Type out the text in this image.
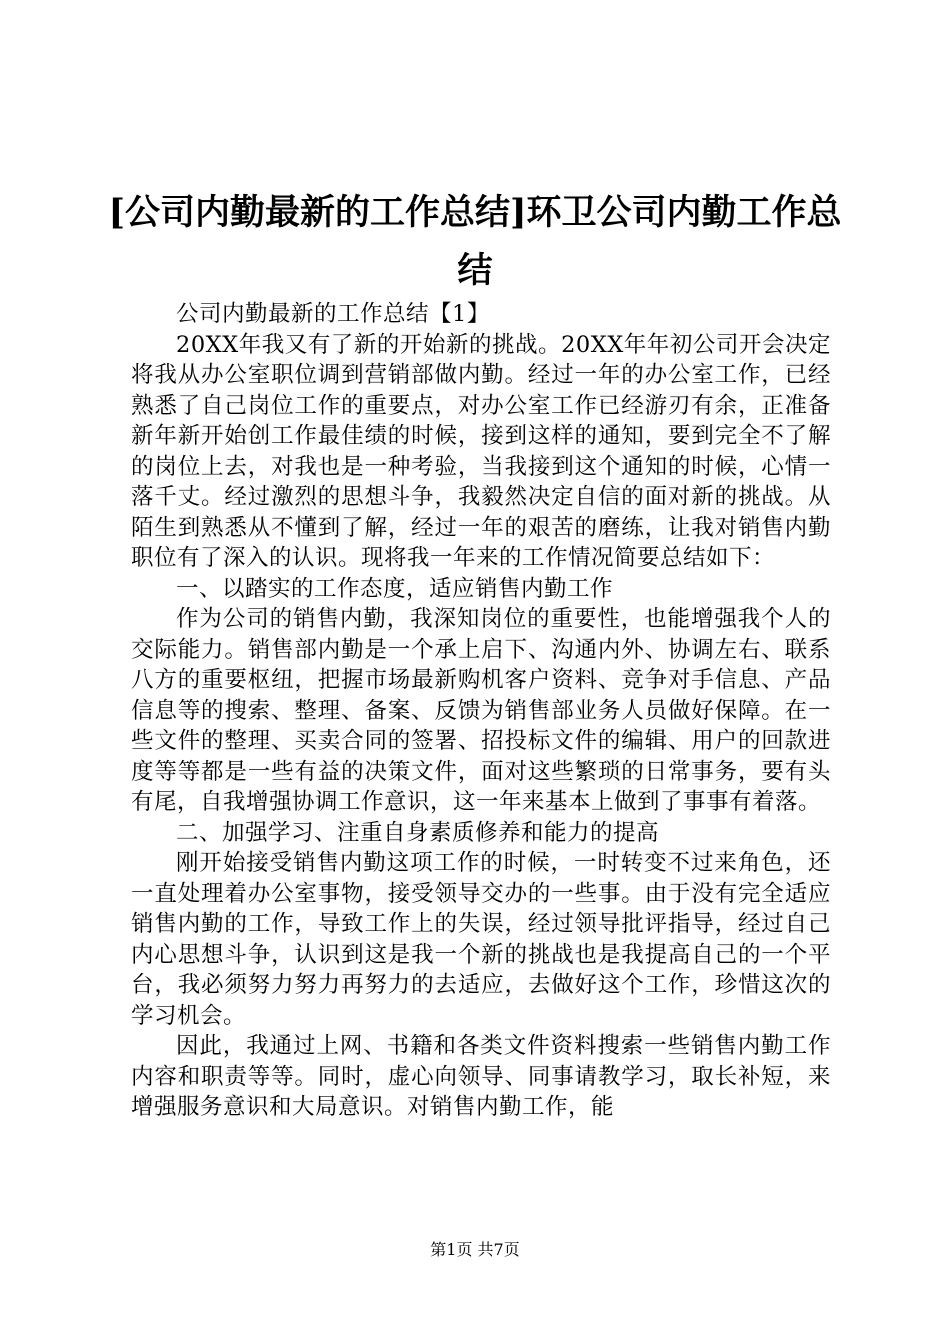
[公司内勤最新的工作总结]环卫公司内勤工作总结

公司内勤最新的工作总结【1】

20XX年我又有了新的开始新的挑战。20XX年年初公司开会决定将我从办公室职位调到营销部做内勤。经过一年的办公室工作，已经熟悉了自己岗位工作的重要点，对办公室工作已经游刃有余，正准备新年新开始创工作最佳绩的时候，接到这样的通知，要到完全不了解的岗位上去，对我也是一种考验，当我接到这个通知的时候，心情一落千丈。经过激烈的思想斗争，我毅然决定自信的面对新的挑战。从陌生到熟悉从不懂到了解，经过一年的艰苦的磨练，让我对销售内勤职位有了深入的认识。现将我一年来的工作情况简要总结如下：

一、以踏实的工作态度，适应销售内勤工作

作为公司的销售内勤，我深知岗位的重要性，也能增强我个人的交际能力。销售部内勤是一个承上启下、沟通内外、协调左右、联系八方的重要枢纽，把握市场最新购机客户资料、竞争对手信息、产品信息等的搜索、整理、备案、反馈为销售部业务人员做好保障。在一些文件的整理、买卖合同的签署、招投标文件的编辑、用户的回款进度等等都是一些有益的决策文件，面对这些繁琐的日常事务，要有头有尾，自我增强协调工作意识，这一年来基本上做到了事事有着落。

二、加强学习、注重自身素质修养和能力的提高

刚开始接受销售内勤这项工作的时候，一时转变不过来角色，还一直处理着办公室事物，接受领导交办的一些事。由于没有完全适应销售内勤的工作，导致工作上的失误，经过领导批评指导，经过自己内心思想斗争，认识到这是我一个新的挑战也是我提高自己的一个平台，我必须努力努力再努力的去适应，去做好这个工作，珍惜这次的学习机会。

因此，我通过上网、书籍和各类文件资料搜索一些销售内勤工作内容和职责等等。同时，虚心向领导、同事请教学习，取长补短，来增强服务意识和大局意识。对销售内勤工作，能

第1页 共7页
